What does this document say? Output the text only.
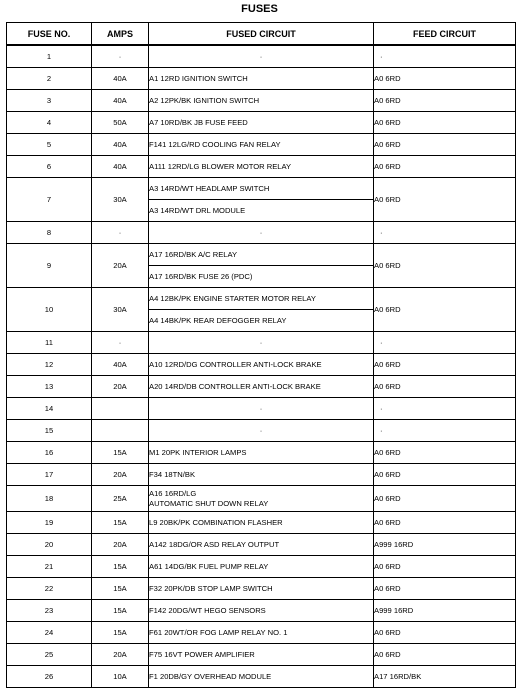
FUSES
FUSE NO.	AMPS	FUSED CIRCUIT	FEED CIRCUIT
1	·	·	·
2	40A	A1 12RD IGNITION SWITCH	A0 6RD
3	40A	A2 12PK/BK IGNITION SWITCH	A0 6RD
4	50A	A7 10RD/BK JB FUSE FEED	A0 6RD
5	40A	F141 12LG/RD COOLING FAN RELAY	A0 6RD
6	40A	A111 12RD/LG BLOWER MOTOR RELAY	A0 6RD
7	30A	A3 14RD/WT HEADLAMP SWITCH	A0 6RD
		A3 14RD/WT DRL MODULE	
8	·	·	·
9	20A	A17 16RD/BK A/C RELAY	A0 6RD
		A17 16RD/BK FUSE 26 (PDC)	
10	30A	A4 12BK/PK ENGINE STARTER MOTOR RELAY	A0 6RD
		A4 14BK/PK REAR DEFOGGER RELAY	
11	·	·	·
12	40A	A10 12RD/DG CONTROLLER ANTI-LOCK BRAKE	A0 6RD
13	20A	A20 14RD/DB CONTROLLER ANTI-LOCK BRAKE	A0 6RD
14		·	·
15		·	·
16	15A	M1 20PK INTERIOR LAMPS	A0 6RD
17	20A	F34 18TN/BK	A0 6RD
18	25A	A16 16RD/LG
AUTOMATIC SHUT DOWN RELAY	A0 6RD
19	15A	L9 20BK/PK COMBINATION FLASHER	A0 6RD
20	20A	A142 18DG/OR ASD RELAY OUTPUT	A999 16RD
21	15A	A61 14DG/BK FUEL PUMP RELAY	A0 6RD
22	15A	F32 20PK/DB STOP LAMP SWITCH	A0 6RD
23	15A	F142 20DG/WT HEGO SENSORS	A999 16RD
24	15A	F61 20WT/OR FOG LAMP RELAY NO. 1	A0 6RD
25	20A	F75 16VT POWER AMPLIFIER	A0 6RD
26	10A	F1 20DB/GY OVERHEAD MODULE	A17 16RD/BK
